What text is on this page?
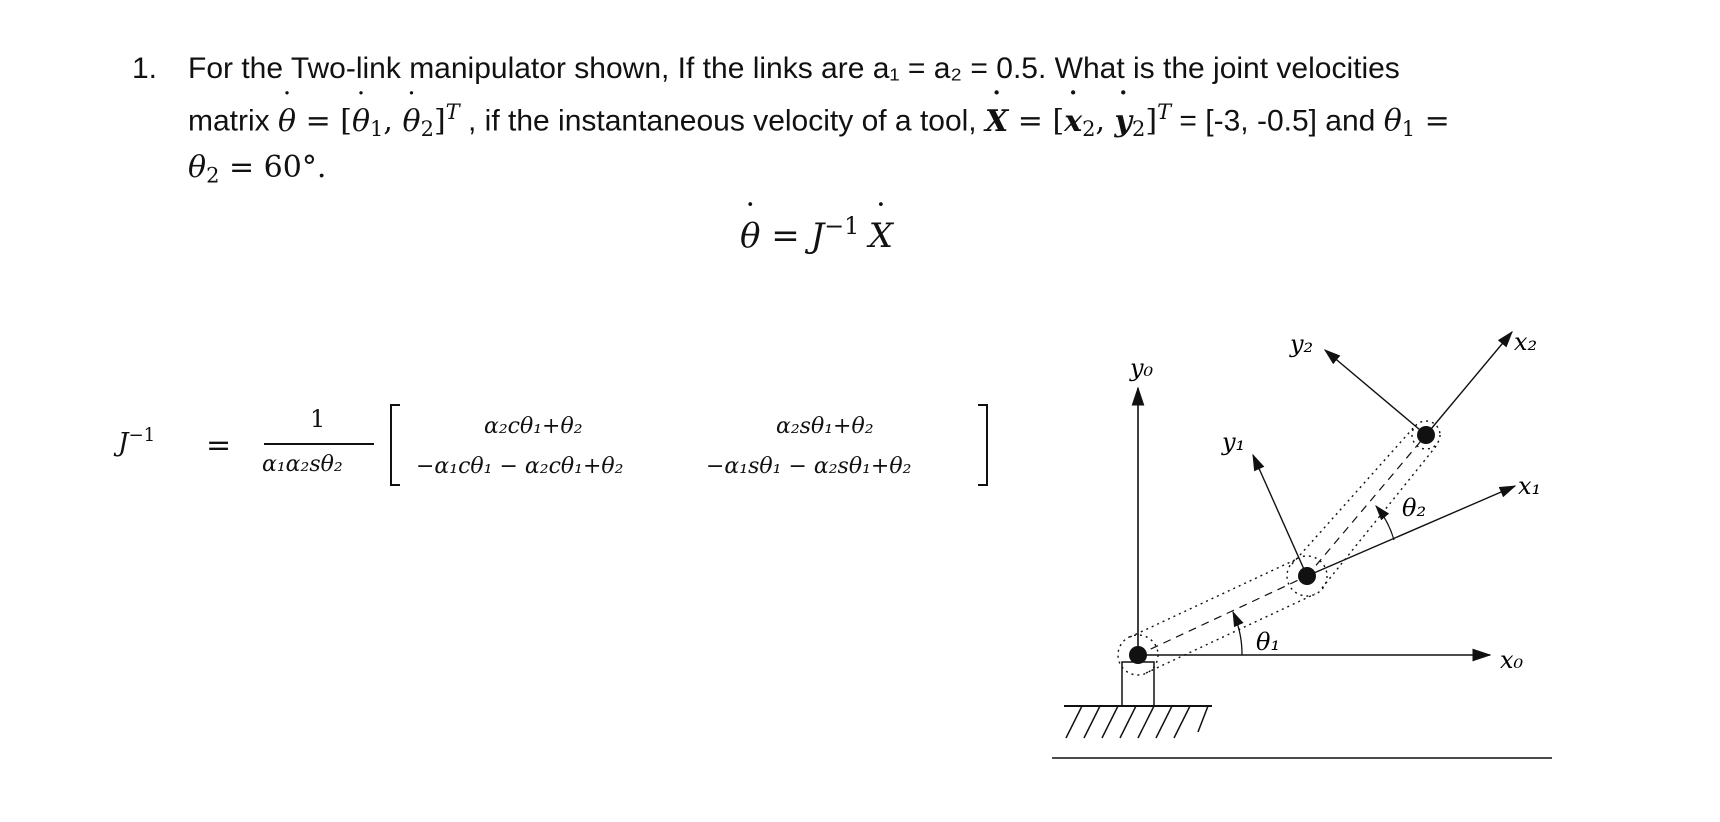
1. For the Two-link manipulator shown, If the links are a₁ = a₂ = 0.5. What is the joint velocities
matrix θ ˙ = [θ $˙_1$, θ $˙_2]^T$ , if the instantaneous velocity of a tool, X ˙ = [x $˙_2$, y $˙_2]^T = [-3$, -0.5] and $\theta_1$ =
$\theta_2 = 60^\circ$.
θ ˙ = $J^{-1}$ X ˙
$J^{-1}$ =
1
α₁α₂sθ₂
α₂cθ₁+θ₂	α₂sθ₁+θ₂
−α₁cθ₁ − α₂cθ₁+θ₂	−α₁sθ₁ − α₂sθ₁+θ₂
y₀
x₀
y₁
x₁
y₂	x₂
θ₁
θ₂
